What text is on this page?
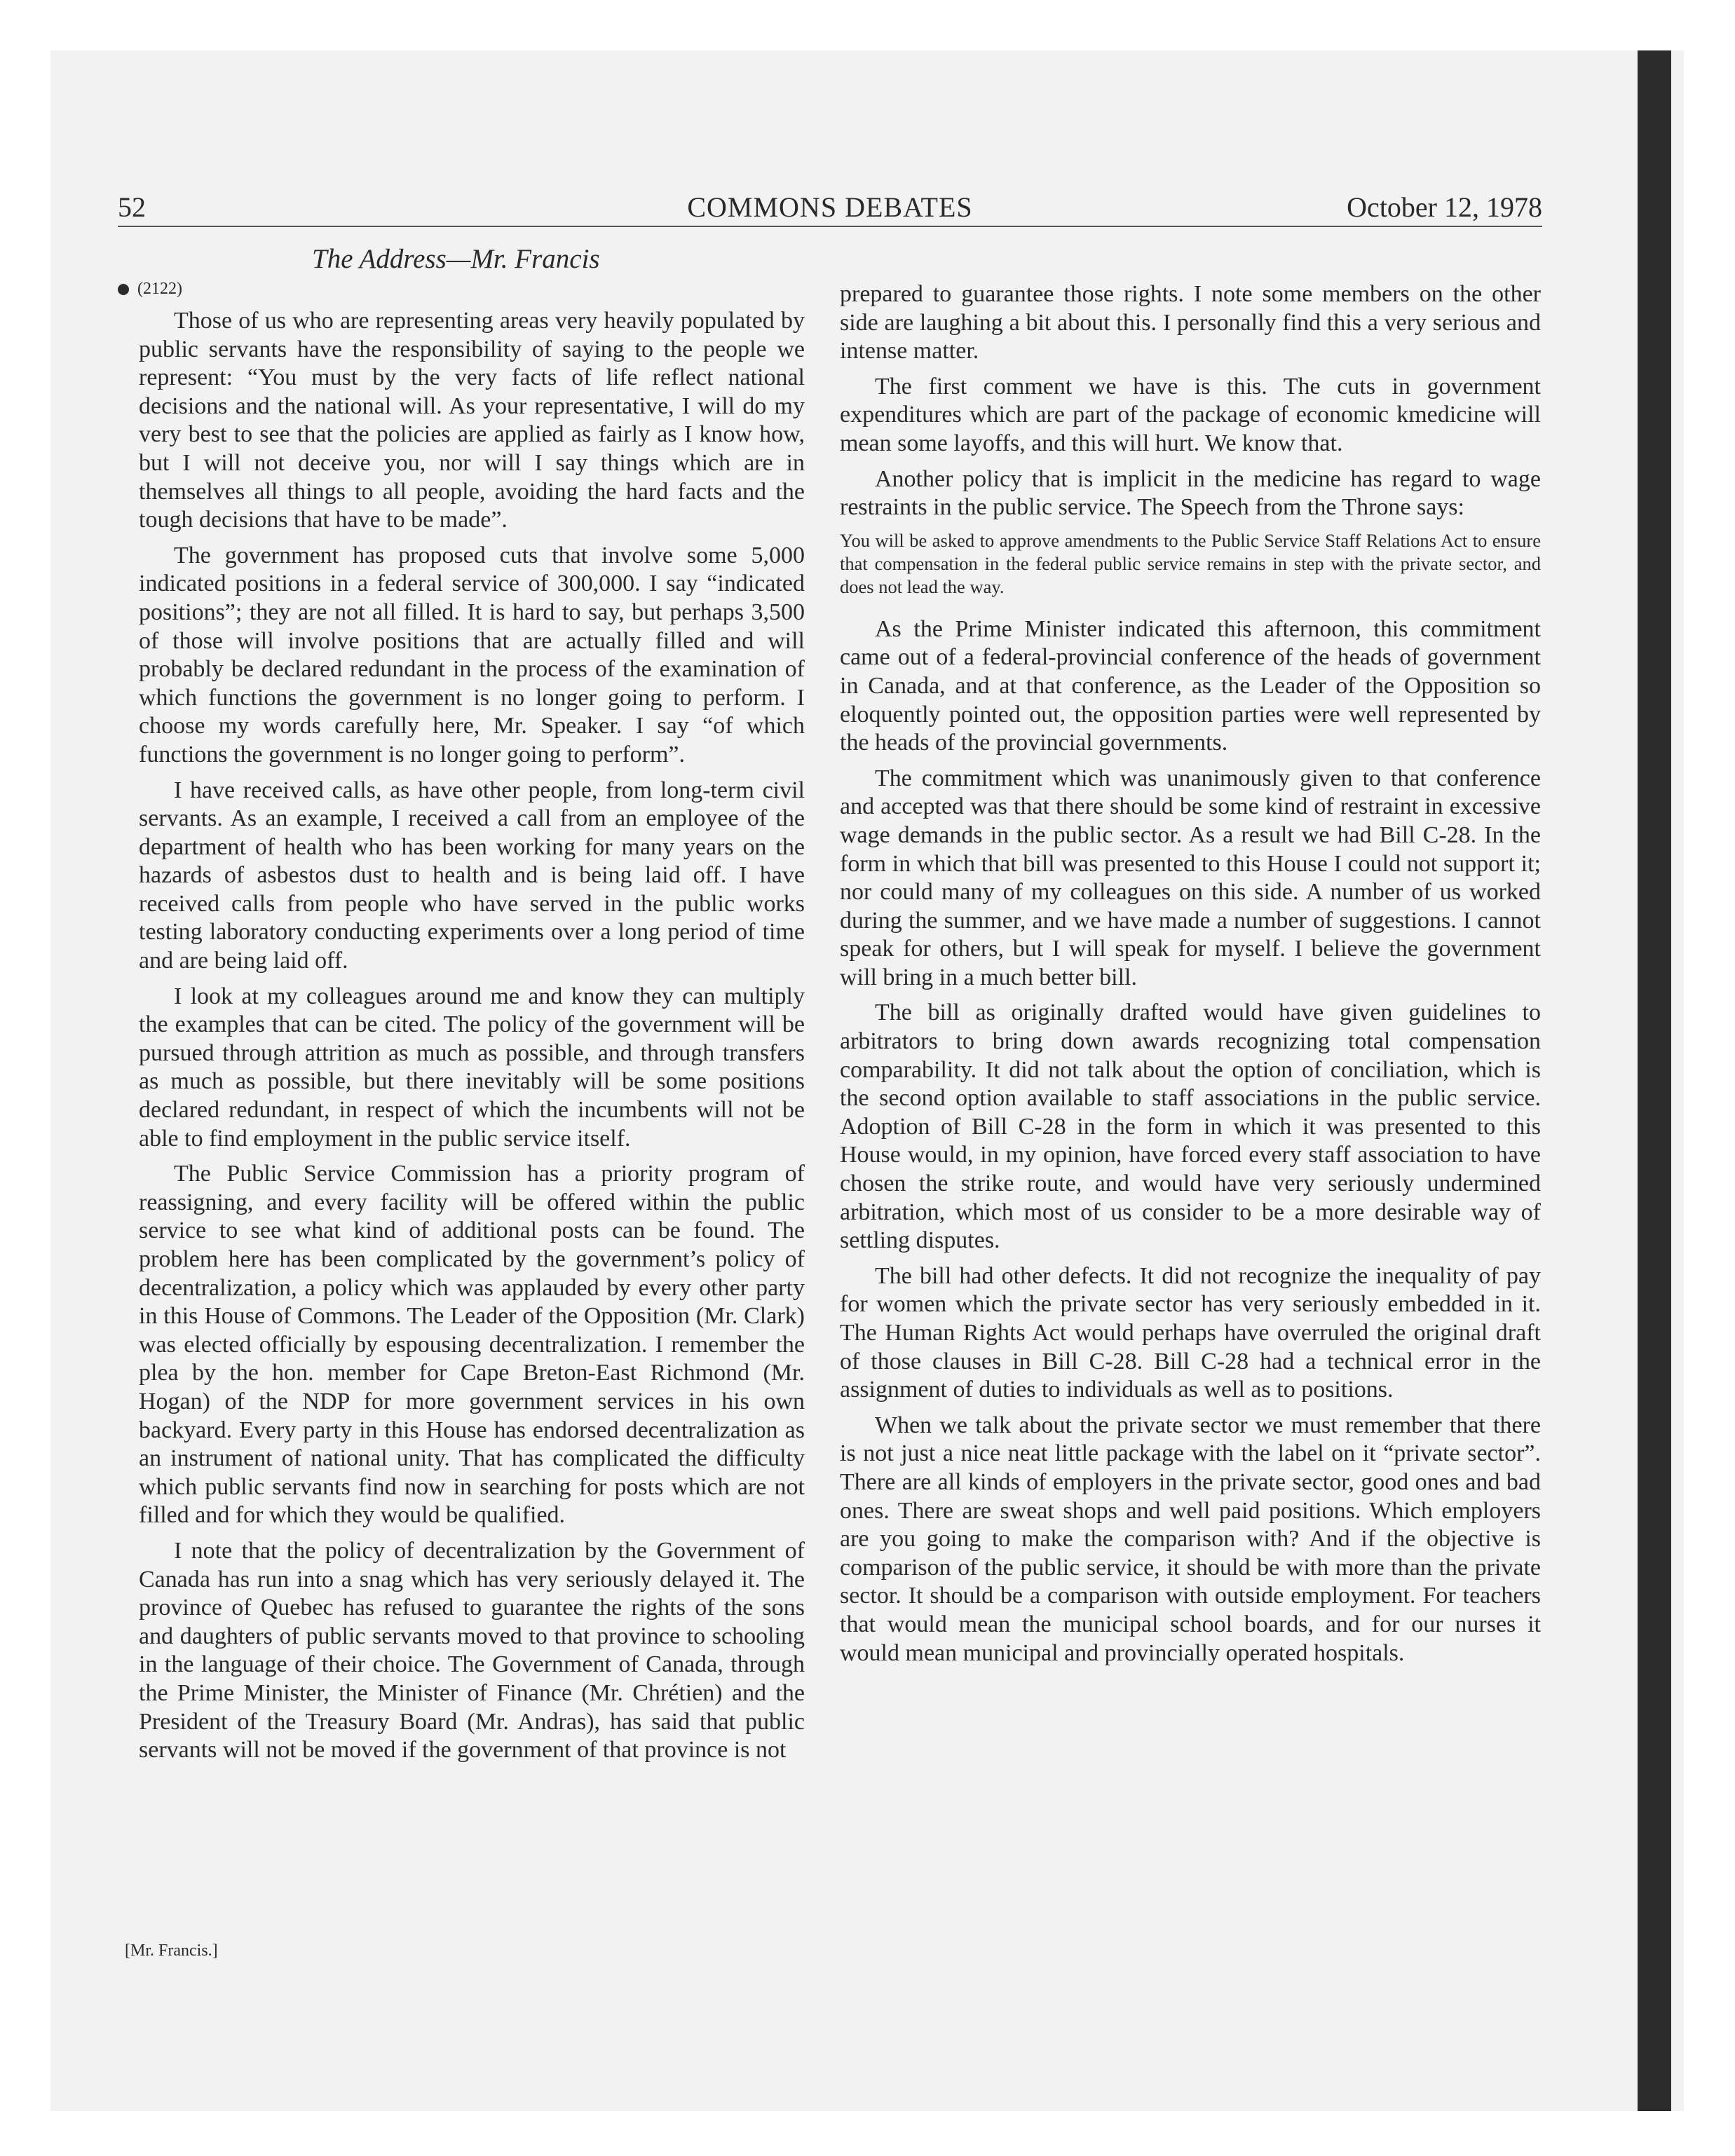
52	COMMONS DEBATES	October 12, 1978
The Address—Mr. Francis
(2122)

Those of us who are representing areas very heavily populated by public servants have the responsibility of saying to the people we represent: “You must by the very facts of life reflect national decisions and the national will. As your representative, I will do my very best to see that the policies are applied as fairly as I know how, but I will not deceive you, nor will I say things which are in themselves all things to all people, avoiding the hard facts and the tough decisions that have to be made”.

The government has proposed cuts that involve some 5,000 indicated positions in a federal service of 300,000. I say “indicated positions”; they are not all filled. It is hard to say, but perhaps 3,500 of those will involve positions that are actually filled and will probably be declared redundant in the process of the examination of which functions the government is no longer going to perform. I choose my words carefully here, Mr. Speaker. I say “of which functions the government is no longer going to perform”.

I have received calls, as have other people, from long-term civil servants. As an example, I received a call from an employee of the department of health who has been working for many years on the hazards of asbestos dust to health and is being laid off. I have received calls from people who have served in the public works testing laboratory conducting experiments over a long period of time and are being laid off.

I look at my colleagues around me and know they can multiply the examples that can be cited. The policy of the government will be pursued through attrition as much as possible, and through transfers as much as possible, but there inevitably will be some positions declared redundant, in respect of which the incumbents will not be able to find employment in the public service itself.

The Public Service Commission has a priority program of reassigning, and every facility will be offered within the public service to see what kind of additional posts can be found. The problem here has been complicated by the government’s policy of decentralization, a policy which was applauded by every other party in this House of Commons. The Leader of the Opposition (Mr. Clark) was elected officially by espousing decentralization. I remember the plea by the hon. member for Cape Breton-East Richmond (Mr. Hogan) of the NDP for more government services in his own backyard. Every party in this House has endorsed decentralization as an instrument of national unity. That has complicated the difficulty which public servants find now in searching for posts which are not filled and for which they would be qualified.

I note that the policy of decentralization by the Government of Canada has run into a snag which has very seriously delayed it. The province of Quebec has refused to guarantee the rights of the sons and daughters of public servants moved to that province to schooling in the language of their choice. The Government of Canada, through the Prime Minister, the Minister of Finance (Mr. Chrétien) and the President of the Treasury Board (Mr. Andras), has said that public servants will not be moved if the government of that province is not

[Mr. Francis.]

prepared to guarantee those rights. I note some members on the other side are laughing a bit about this. I personally find this a very serious and intense matter.

The first comment we have is this. The cuts in government expenditures which are part of the package of economic kmedicine will mean some layoffs, and this will hurt. We know that.

Another policy that is implicit in the medicine has regard to wage restraints in the public service. The Speech from the Throne says:

You will be asked to approve amendments to the Public Service Staff Relations Act to ensure that compensation in the federal public service remains in step with the private sector, and does not lead the way.

As the Prime Minister indicated this afternoon, this commitment came out of a federal-provincial conference of the heads of government in Canada, and at that conference, as the Leader of the Opposition so eloquently pointed out, the opposition parties were well represented by the heads of the provincial governments.

The commitment which was unanimously given to that conference and accepted was that there should be some kind of restraint in excessive wage demands in the public sector. As a result we had Bill C-28. In the form in which that bill was presented to this House I could not support it; nor could many of my colleagues on this side. A number of us worked during the summer, and we have made a number of suggestions. I cannot speak for others, but I will speak for myself. I believe the government will bring in a much better bill.

The bill as originally drafted would have given guidelines to arbitrators to bring down awards recognizing total compensation comparability. It did not talk about the option of conciliation, which is the second option available to staff associations in the public service. Adoption of Bill C-28 in the form in which it was presented to this House would, in my opinion, have forced every staff association to have chosen the strike route, and would have very seriously undermined arbitration, which most of us consider to be a more desirable way of settling disputes.

The bill had other defects. It did not recognize the inequality of pay for women which the private sector has very seriously embedded in it. The Human Rights Act would perhaps have overruled the original draft of those clauses in Bill C-28. Bill C-28 had a technical error in the assignment of duties to individuals as well as to positions.

When we talk about the private sector we must remember that there is not just a nice neat little package with the label on it “private sector”. There are all kinds of employers in the private sector, good ones and bad ones. There are sweat shops and well paid positions. Which employers are you going to make the comparison with? And if the objective is comparison of the public service, it should be with more than the private sector. It should be a comparison with outside employment. For teachers that would mean the municipal school boards, and for our nurses it would mean municipal and provincially operated hospitals.
